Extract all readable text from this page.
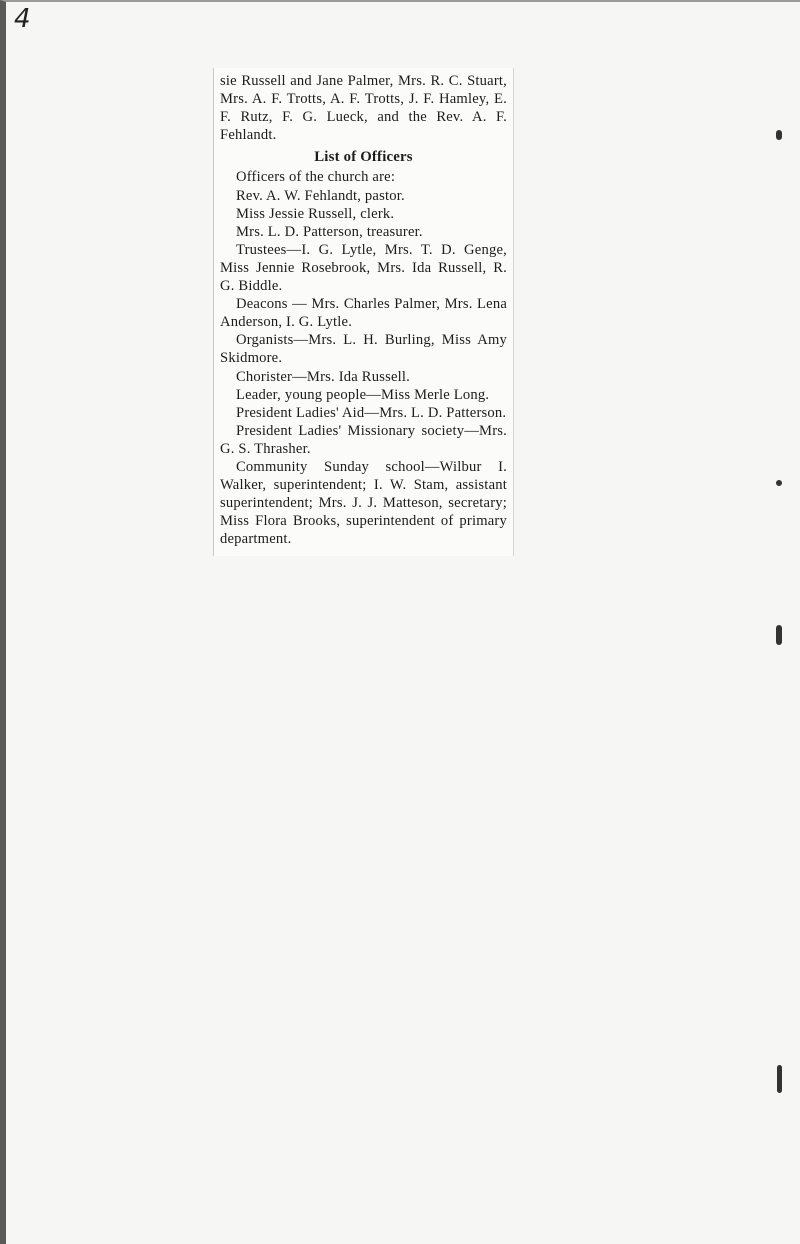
4

sie Russell and Jane Palmer, Mrs. R. C. Stuart, Mrs. A. F. Trotts, A. F. Trotts, J. F. Hamley, E. F. Rutz, F. G. Lueck, and the Rev. A. F. Fehlandt.

List of Officers

Officers of the church are:

Rev. A. W. Fehlandt, pastor.

Miss Jessie Russell, clerk.

Mrs. L. D. Patterson, treasurer.

Trustees—I. G. Lytle, Mrs. T. D. Genge, Miss Jennie Rosebrook, Mrs. Ida Russell, R. G. Biddle.

Deacons — Mrs. Charles Palmer, Mrs. Lena Anderson, I. G. Lytle.

Organists—Mrs. L. H. Burling, Miss Amy Skidmore.

Chorister—Mrs. Ida Russell.

Leader, young people—Miss Merle Long.

President Ladies' Aid—Mrs. L. D. Patterson.

President Ladies' Missionary society—Mrs. G. S. Thrasher.

Community Sunday school—Wilbur I. Walker, superintendent; I. W. Stam, assistant superintendent; Mrs. J. J. Matteson, secretary; Miss Flora Brooks, superintendent of primary department.
